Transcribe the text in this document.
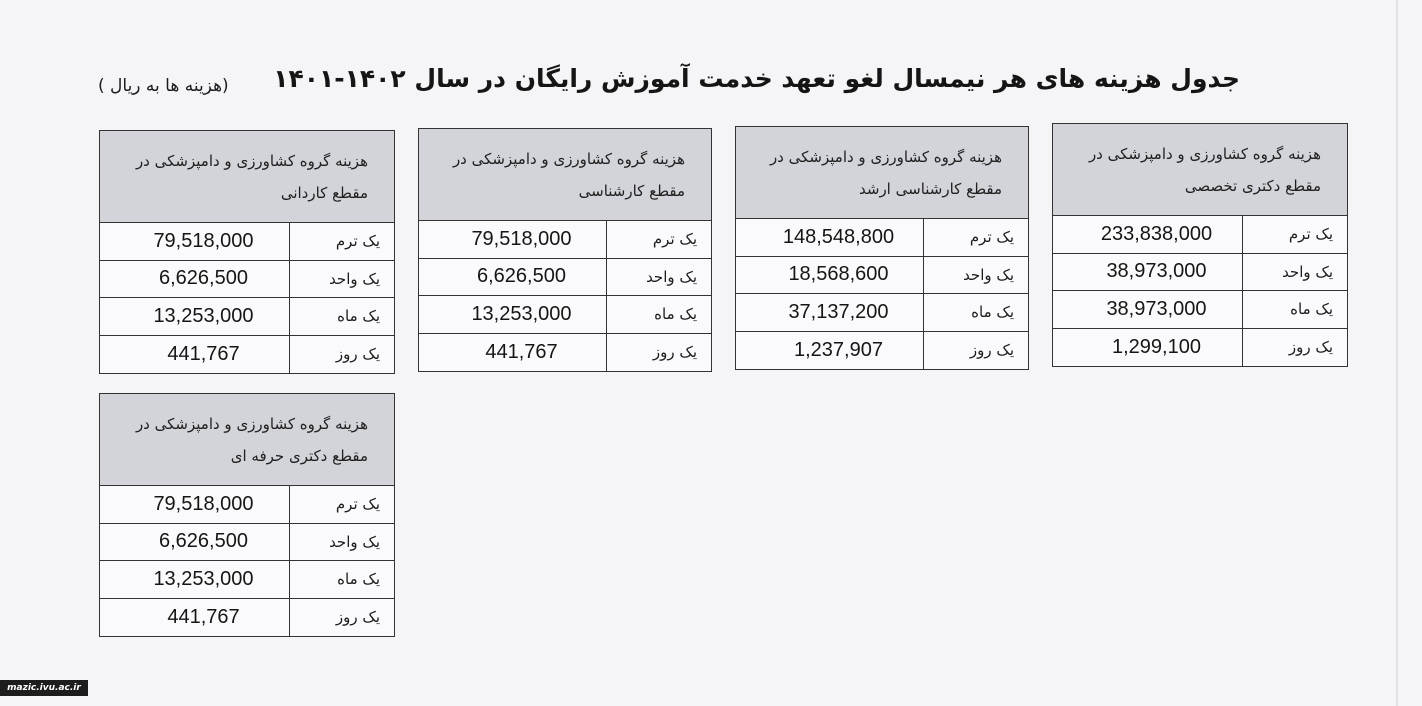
جدول هزینه های هر نیمسال لغو تعهد خدمت آموزش رایگان در سال ۱۴۰۲-۱۴۰۱
(هزینه ها به ریال )
هزینه گروه کشاورزی و دامپزشکی در
مقطع دکتری تخصصی
233,838,000	یک ترم
38,973,000	یک واحد
38,973,000	یک ماه
1,299,100	یک روز
هزینه گروه کشاورزی و دامپزشکی در
مقطع کارشناسی ارشد
148,548,800	یک ترم
18,568,600	یک واحد
37,137,200	یک ماه
1,237,907	یک روز
هزینه گروه کشاورزی و دامپزشکی در
مقطع کارشناسی
79,518,000	یک ترم
6,626,500	یک واحد
13,253,000	یک ماه
441,767	یک روز
هزینه گروه کشاورزی و دامپزشکی در
مقطع کاردانی
79,518,000	یک ترم
6,626,500	یک واحد
13,253,000	یک ماه
441,767	یک روز
هزینه گروه کشاورزی و دامپزشکی در
مقطع دکتری حرفه ای
79,518,000	یک ترم
6,626,500	یک واحد
13,253,000	یک ماه
441,767	یک روز
mazic.ivu.ac.ir
